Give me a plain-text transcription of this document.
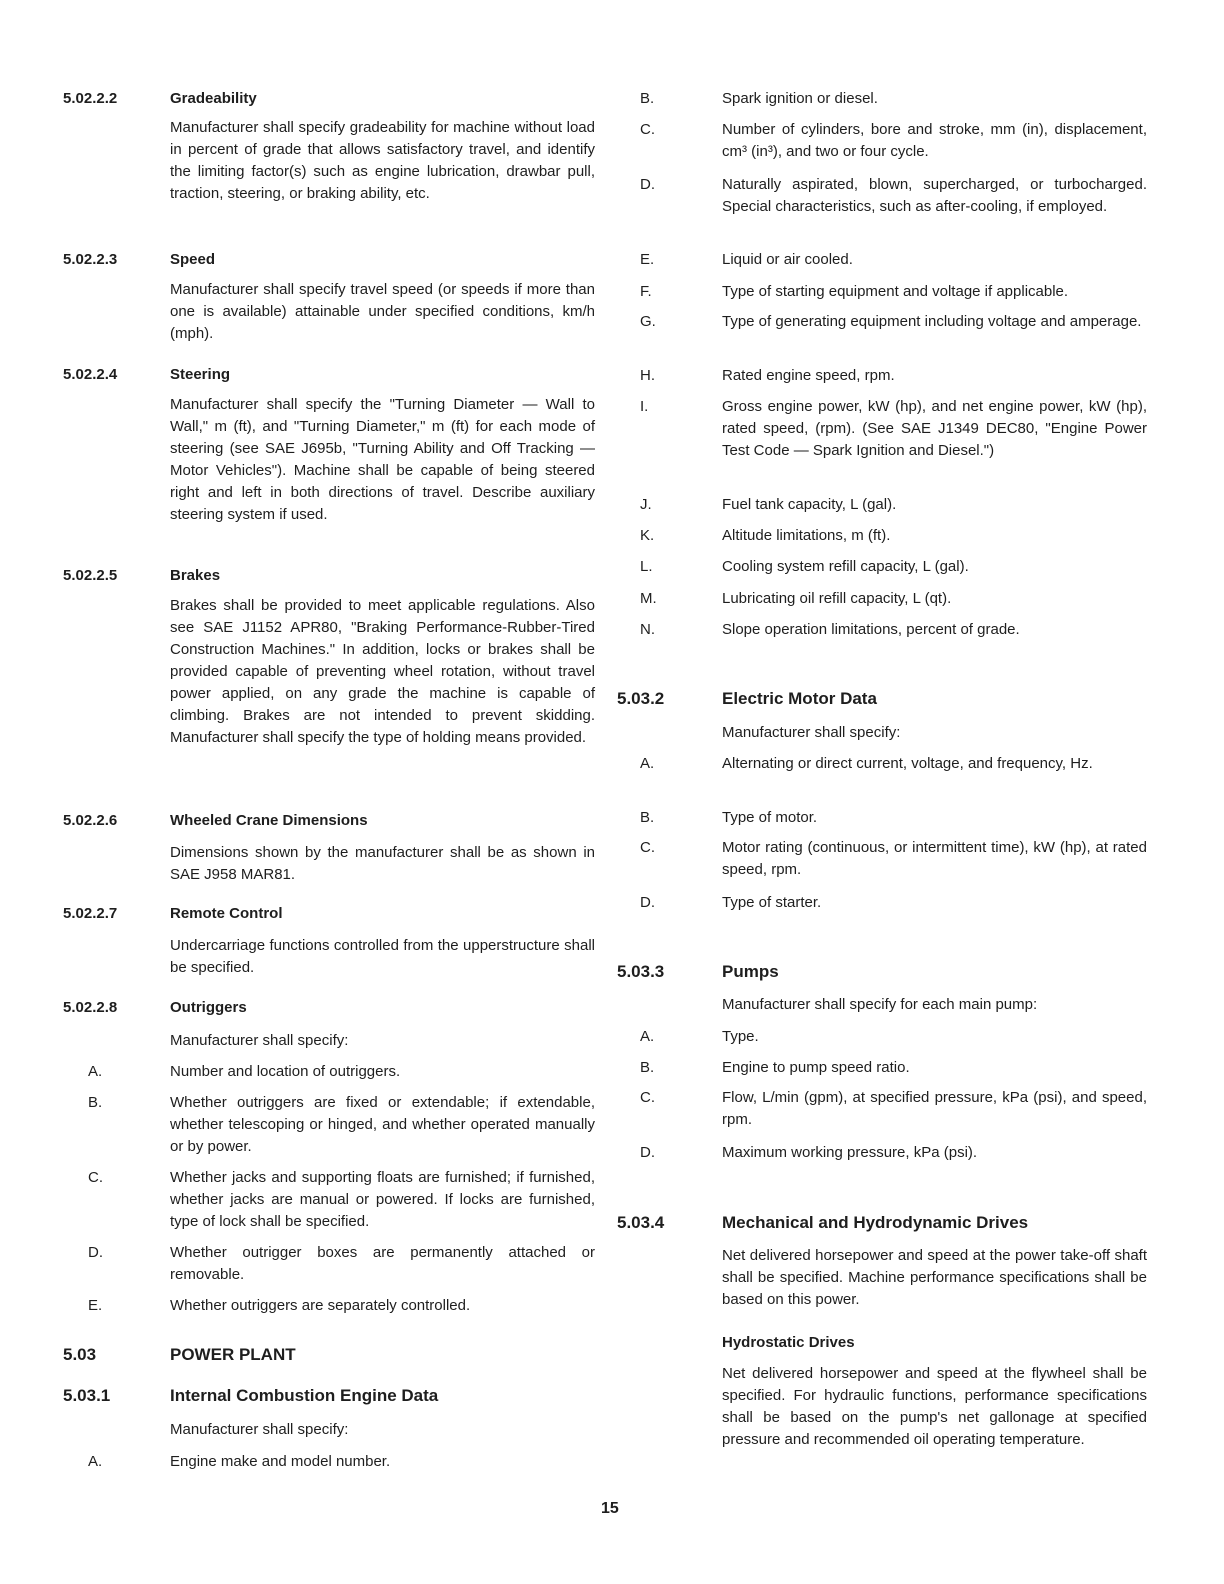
5.02.2.2	Gradeability
Manufacturer shall specify gradeability for machine without load in percent of grade that allows satisfactory travel, and identify the limiting factor(s) such as engine lubrication, drawbar pull, traction, steering, or braking ability, etc.
5.02.2.3	Speed
Manufacturer shall specify travel speed (or speeds if more than one is available) attainable under specified conditions, km/h (mph).
5.02.2.4	Steering
Manufacturer shall specify the "Turning Diameter — Wall to Wall," m (ft), and "Turning Diameter," m (ft) for each mode of steering (see SAE J695b, "Turning Ability and Off Tracking — Motor Vehicles"). Machine shall be capable of being steered right and left in both directions of travel. Describe auxiliary steering system if used.
5.02.2.5	Brakes
Brakes shall be provided to meet applicable regulations. Also see SAE J1152 APR80, "Braking Performance-Rubber-Tired Construction Machines." In addition, locks or brakes shall be provided capable of preventing wheel rotation, without travel power applied, on any grade the machine is capable of climbing. Brakes are not intended to prevent skidding. Manufacturer shall specify the type of holding means provided.
5.02.2.6	Wheeled Crane Dimensions
Dimensions shown by the manufacturer shall be as shown in SAE J958 MAR81.
5.02.2.7	Remote Control
Undercarriage functions controlled from the upperstructure shall be specified.
5.02.2.8	Outriggers
Manufacturer shall specify:
A.	Number and location of outriggers.
B.	Whether outriggers are fixed or extendable; if extendable, whether telescoping or hinged, and whether operated manually or by power.
C.	Whether jacks and supporting floats are furnished; if furnished, whether jacks are manual or powered. If locks are furnished, type of lock shall be specified.
D.	Whether outrigger boxes are permanently attached or removable.
E.	Whether outriggers are separately controlled.
5.03	POWER PLANT
5.03.1	Internal Combustion Engine Data
Manufacturer shall specify:
A.	Engine make and model number.
B.	Spark ignition or diesel.
C.	Number of cylinders, bore and stroke, mm (in), displacement, cm³ (in³), and two or four cycle.
D.	Naturally aspirated, blown, supercharged, or turbocharged. Special characteristics, such as after-cooling, if employed.
E.	Liquid or air cooled.
F.	Type of starting equipment and voltage if applicable.
G.	Type of generating equipment including voltage and amperage.
H.	Rated engine speed, rpm.
I.	Gross engine power, kW (hp), and net engine power, kW (hp), rated speed, (rpm). (See SAE J1349 DEC80, "Engine Power Test Code — Spark Ignition and Diesel.")
J.	Fuel tank capacity, L (gal).
K.	Altitude limitations, m (ft).
L.	Cooling system refill capacity, L (gal).
M.	Lubricating oil refill capacity, L (qt).
N.	Slope operation limitations, percent of grade.
5.03.2	Electric Motor Data
Manufacturer shall specify:
A.	Alternating or direct current, voltage, and frequency, Hz.
B.	Type of motor.
C.	Motor rating (continuous, or intermittent time), kW (hp), at rated speed, rpm.
D.	Type of starter.
5.03.3	Pumps
Manufacturer shall specify for each main pump:
A.	Type.
B.	Engine to pump speed ratio.
C.	Flow, L/min (gpm), at specified pressure, kPa (psi), and speed, rpm.
D.	Maximum working pressure, kPa (psi).
5.03.4	Mechanical and Hydrodynamic Drives
Net delivered horsepower and speed at the power take-off shaft shall be specified. Machine performance specifications shall be based on this power.
Hydrostatic Drives
Net delivered horsepower and speed at the flywheel shall be specified. For hydraulic functions, performance specifications shall be based on the pump's net gallonage at specified pressure and recommended oil operating temperature.
15
